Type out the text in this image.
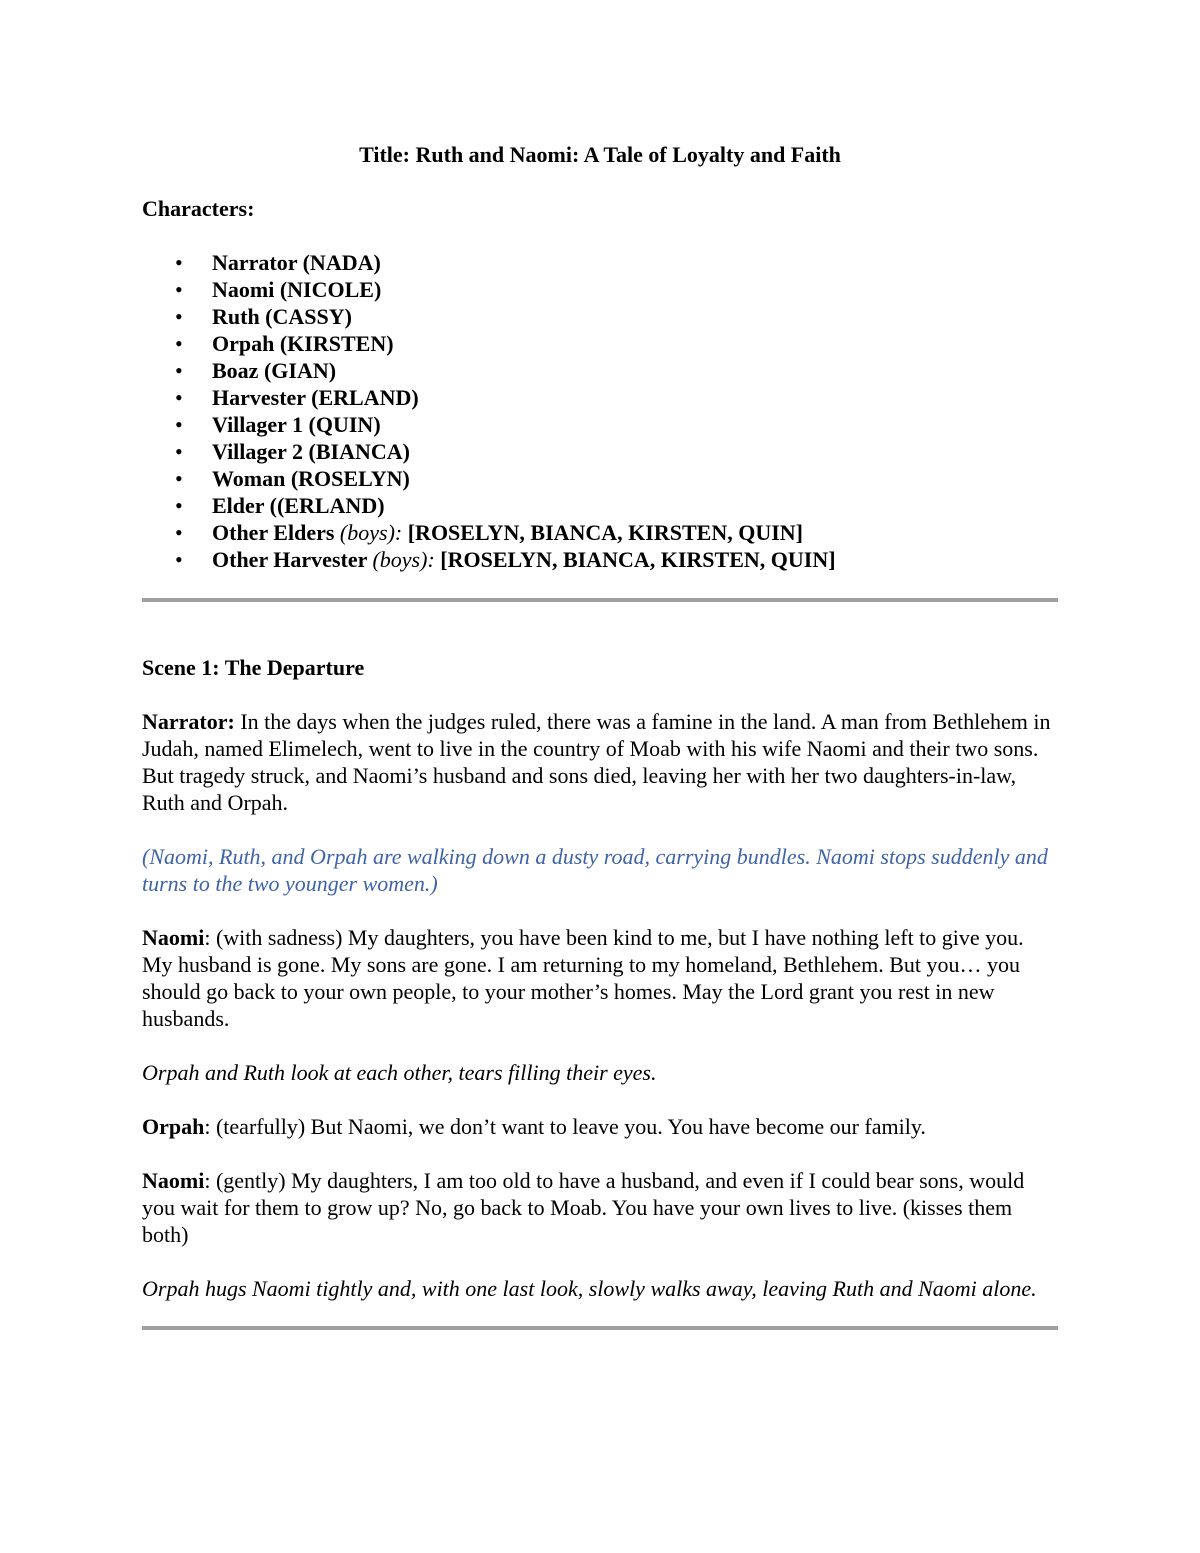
Title: Ruth and Naomi: A Tale of Loyalty and Faith
Characters:
• Narrator (NADA)
• Naomi (NICOLE)
• Ruth (CASSY)
• Orpah (KIRSTEN)
• Boaz (GIAN)
• Harvester (ERLAND)
• Villager 1 (QUIN)
• Villager 2 (BIANCA)
• Woman (ROSELYN)
• Elder ((ERLAND)
• Other Elders (boys): [ROSELYN, BIANCA, KIRSTEN, QUIN]
• Other Harvester (boys): [ROSELYN, BIANCA, KIRSTEN, QUIN]
Scene 1: The Departure

Narrator: In the days when the judges ruled, there was a famine in the land. A man from Bethlehem in Judah, named Elimelech, went to live in the country of Moab with his wife Naomi and their two sons. But tragedy struck, and Naomi’s husband and sons died, leaving her with her two daughters-in-law, Ruth and Orpah.

(Naomi, Ruth, and Orpah are walking down a dusty road, carrying bundles. Naomi stops suddenly and turns to the two younger women.)

Naomi: (with sadness) My daughters, you have been kind to me, but I have nothing left to give you. My husband is gone. My sons are gone. I am returning to my homeland, Bethlehem. But you… you should go back to your own people, to your mother’s homes. May the Lord grant you rest in new husbands.

Orpah and Ruth look at each other, tears filling their eyes.

Orpah: (tearfully) But Naomi, we don’t want to leave you. You have become our family.

Naomi: (gently) My daughters, I am too old to have a husband, and even if I could bear sons, would you wait for them to grow up? No, go back to Moab. You have your own lives to live. (kisses them both)

Orpah hugs Naomi tightly and, with one last look, slowly walks away, leaving Ruth and Naomi alone.
